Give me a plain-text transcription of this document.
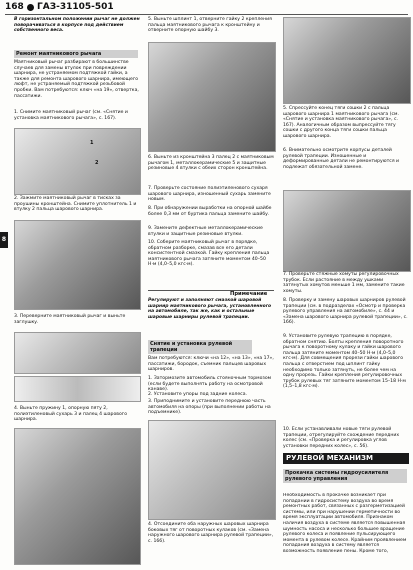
168 ГАЗ-31105-501
8
В горизонтальном положении рычаг не должен поворачиваться в корпусе под действием собственного веса.
Ремонт маятникового рычага
Маятниковый рычаг разбирают в большинстве случаев для замены втулок при повреждении шарнира, не устраняемом подтяжкой гайки, а также для ремонта шарового шарнира, имеющего люфт, не устраняемый подтяжкой резьбовой пробки. Вам потребуются: ключ «на 19», отвертка, пассатижи.
1. Снимите маятниковый рычаг (см. «Снятие и установка маятникового рычага», с. 167).
1
2
2. Зажмите маятниковый рычаг в тисках за проушины кронштейна. Снимите уплотнитель 1 и втулку 2 пальца шарового шарнира.
3. Переверните маятниковый рычаг и выньте заглушку.
4. Выньте пружину 1, опорную пяту 2, полиэтиленовый сухарь 3 и палец 4 шарового шарнира.
5. Выньте шплинт 1, отверните гайку 2 крепления пальца маятникового рычага к кронштейну и отверните опорную шайбу 3.
6. Выньте из кронштейна 3 палец 2 с маятниковым рычагом 1, металлокерамические 5 и защитные резиновые 4 втулки с обеих сторон кронштейна.
7. Проверьте состояние полиэтиленового сухаря шарового шарнира, изношенный сухарь замените новым.
8. При обнаружении выработки на опорной шайбе более 0,3 мм от буртика пальца замените шайбу.
9. Замените дефектные металлокерамические втулки и защитные резиновые втулки.
10. Соберите маятниковый рычаг в порядке, обратном разборке, смазав все его детали консистентной смазкой. Гайку крепления пальца маятникового рычага затяните моментом 40–50 Н·м (4,0–5,0 кгс·м).
Примечание
Регулируют и заполняют смазкой шаровой шарнир маятникового рычага, установленного на автомобиле, так же, как и остальные шаровые шарниры рулевой трапеции.
Снятие и установка рулевой трапеции
Вам потребуются: ключи «на 12», «на 13», «на 17», пассатижи, бородок, съемник пальцев шаровых шарниров.
1. Затормозите автомобиль стояночным тормозом (если будете выполнять работу на осмотровой канаве).
2. Установите упоры под задние колеса.
3. Приподнимите и установите переднюю часть автомобиля на опоры (при выполнении работы на подъемнике).
4. Отсоедините оба наружных шаровых шарнира боковых тяг от поворотных кулаков (см. «Замена наружного шарового шарнира рулевой трапеции», с. 166).
5. Спрессуйте конец тяги сошки 2 с пальца шарового шарнира 1 маятникового рычага (см. «Снятие и установка маятникового рычага», с. 167). Аналогичным образом выпрессуйте тягу сошки с другого конца тяги сошки пальца шарового шарнира.
6. Внимательно осмотрите корпусы деталей рулевой трапеции. Изношенные и деформированные детали не ремонтируются и подлежат обязательной замене.
7. Проверьте стяжные хомуты регулировочных трубок. Если растояние в между ушками затянутых хомутов меньше 1 мм, замените такие хомуты.
8. Проверку и замену шаровых шарниров рулевой трапеции (см. в подразделах «Осмотр и проверка рулевого управления на автомобиле», с. 44 и «Замена шарового шарнира рулевой трапеции», с. 166).
9. Установите рулевую трапецию в порядке, обратном снятию. Болты крепления поворотного рычага к поворотному кулаку и гайки шарового пальца затяните моментом 40–50 Н·м (4,0–5,0 кгс·м). Для совмещения прорези гайки шарового пальца с отверстием под шплинт гайку необходимо только затянуть, не более чем на одну прорезь. Гайки крепления регулировочных трубок рулевых тяг затяните моментом 15–18 Н·м (1,5–1,8 кгс·м).
10. Если устанавливали новые тяги рулевой трапеции, отрегулируйте схождение передних колес (см. «Проверка и регулировка углов установки передних колес», с. 56).
РУЛЕВОЙ МЕХАНИЗМ
Прокачка системы гидроусилителя рулевого управления
Необходимость в прокачке возникает при попадании в гидросистему воздуха во время ремонтных работ, связанных с разгерметизацией системы, или при нарушении герметичности во время эксплуатации автомобиля. Признаком наличия воздуха в системе является повышенная шумность насоса и несколько большее вращение рулевого колеса и появление пульсирующего момента в рулевом колесе. Крайним проявлением попадания воздуха в систему является возможность появление пены. Кроме того,
